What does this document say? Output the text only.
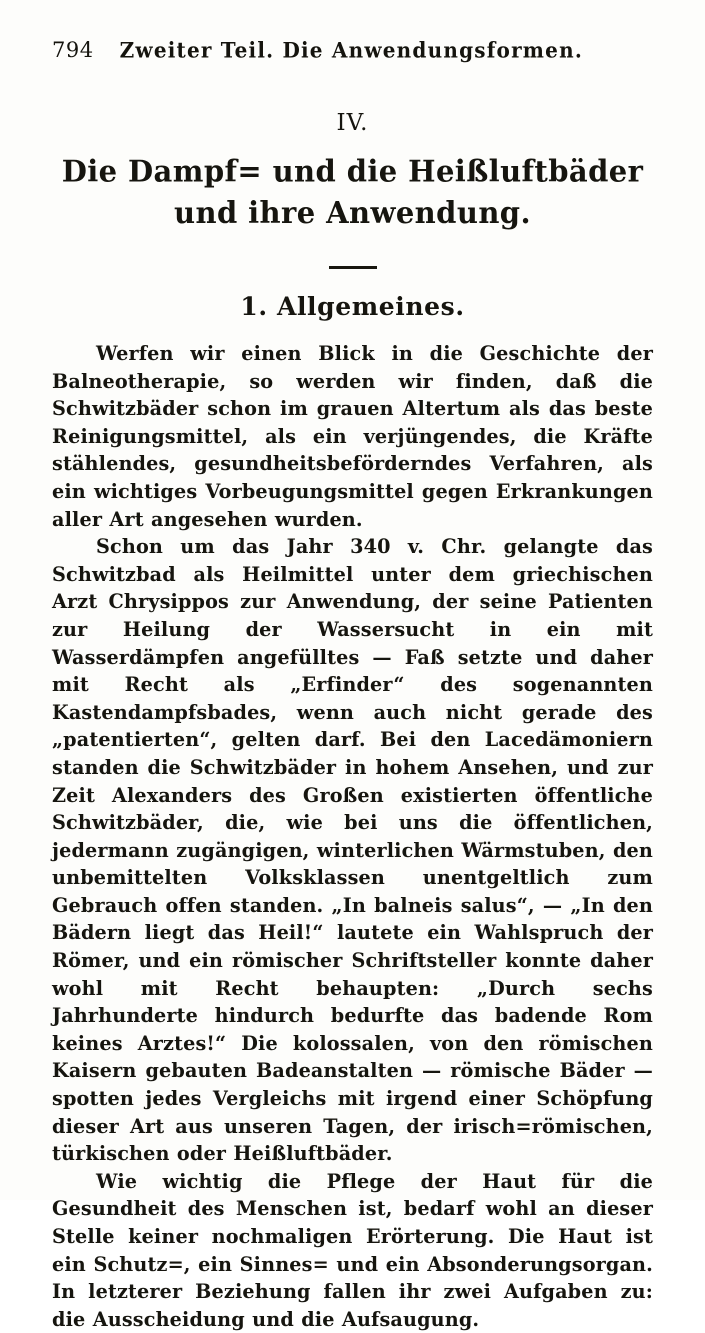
794	Zweiter Teil. Die Anwendungsformen.
IV.
Die Dampf= und die Heißluftbäder und ihre Anwendung.
1. Allgemeines.

Werfen wir einen Blick in die Geschichte der Balneotherapie, so werden wir finden, daß die Schwitzbäder schon im grauen Altertum als das beste Reinigungsmittel, als ein verjüngendes, die Kräfte stählendes, gesundheitsbeförderndes Verfahren, als ein wichtiges Vorbeugungsmittel gegen Erkrankungen aller Art angesehen wurden.

Schon um das Jahr 340 v. Chr. gelangte das Schwitzbad als Heilmittel unter dem griechischen Arzt Chrysippos zur Anwendung, der seine Patienten zur Heilung der Wassersucht in ein mit Wasserdämpfen angefülltes — Faß setzte und daher mit Recht als „Erfinder“ des sogenannten Kastendampfsbades, wenn auch nicht gerade des „patentierten“, gelten darf. Bei den Lacedämoniern standen die Schwitzbäder in hohem Ansehen, und zur Zeit Alexanders des Großen existierten öffentliche Schwitzbäder, die, wie bei uns die öffentlichen, jedermann zugängigen, winterlichen Wärmstuben, den unbemittelten Volksklassen unentgeltlich zum Gebrauch offen standen. „In balneis salus“, — „In den Bädern liegt das Heil!“ lautete ein Wahlspruch der Römer, und ein römischer Schriftsteller konnte daher wohl mit Recht behaupten: „Durch sechs Jahrhunderte hindurch bedurfte das badende Rom keines Arztes!“ Die kolossalen, von den römischen Kaisern gebauten Badeanstalten — römische Bäder — spotten jedes Vergleichs mit irgend einer Schöpfung dieser Art aus unseren Tagen, der irisch=römischen, türkischen oder Heißluftbäder.

Wie wichtig die Pflege der Haut für die Gesundheit des Menschen ist, bedarf wohl an dieser Stelle keiner nochmaligen Erörterung. Die Haut ist ein Schutz=, ein Sinnes= und ein Absonderungsorgan. In letzterer Beziehung fallen ihr zwei Aufgaben zu: die Ausscheidung und die Aufsaugung.
